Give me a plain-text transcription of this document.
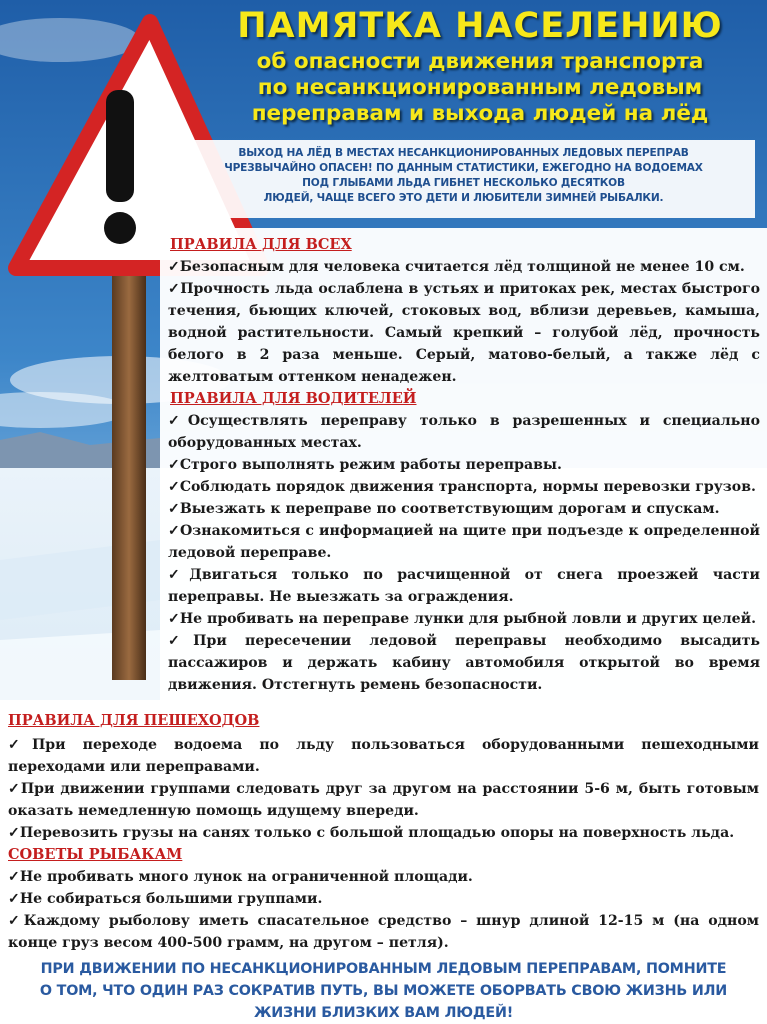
ПАМЯТКА НАСЕЛЕНИЮ
об опасности движения транспорта
по несанкционированным ледовым
переправам и выхода людей на лёд
ВЫХОД НА ЛЁД В МЕСТАХ НЕСАНКЦИОНИРОВАННЫХ ЛЕДОВЫХ ПЕРЕПРАВ
ЧРЕЗВЫЧАЙНО ОПАСЕН! ПО ДАННЫМ СТАТИСТИКИ, ЕЖЕГОДНО НА ВОДОЕМАХ
ПОД ГЛЫБАМИ ЛЬДА ГИБНЕТ НЕСКОЛЬКО ДЕСЯТКОВ
ЛЮДЕЙ, ЧАЩЕ ВСЕГО ЭТО ДЕТИ И ЛЮБИТЕЛИ ЗИМНЕЙ РЫБАЛКИ.
ПРАВИЛА ДЛЯ ВСЕХ
✓Безопасным для человека считается лёд толщиной не менее 10 см.
✓Прочность льда ослаблена в устьях и притоках рек, местах быстрого течения, бьющих ключей, стоковых вод, вблизи деревьев, камыша, водной растительности. Самый крепкий – голубой лёд, прочность белого в 2 раза меньше. Серый, матово-белый, а также лёд с желтоватым оттенком ненадежен.
ПРАВИЛА ДЛЯ ВОДИТЕЛЕЙ
✓Осуществлять переправу только в разрешенных и специально оборудованных местах.
✓Строго выполнять режим работы переправы.
✓Соблюдать порядок движения транспорта, нормы перевозки грузов.
✓Выезжать к переправе по соответствующим дорогам и спускам.
✓Ознакомиться с информацией на щите при подъезде к определенной ледовой переправе.
✓Двигаться только по расчищенной от снега проезжей части переправы. Не выезжать за ограждения.
✓Не пробивать на переправе лунки для рыбной ловли и других целей.
✓При пересечении ледовой переправы необходимо высадить пассажиров и держать кабину автомобиля открытой во время движения. Отстегнуть ремень безопасности.
ПРАВИЛА ДЛЯ ПЕШЕХОДОВ
✓При переходе водоема по льду пользоваться оборудованными пешеходными переходами или переправами.
✓При движении группами следовать друг за другом на расстоянии 5-6 м, быть готовым оказать немедленную помощь идущему впереди.
✓Перевозить грузы на санях только с большой площадью опоры на поверхность льда.
СОВЕТЫ РЫБАКАМ
✓Не пробивать много лунок на ограниченной площади.
✓Не собираться большими группами.
✓Каждому рыболову иметь спасательное средство – шнур длиной 12-15 м (на одном конце груз весом 400-500 грамм, на другом – петля).
ПРИ ДВИЖЕНИИ ПО НЕСАНКЦИОНИРОВАННЫМ ЛЕДОВЫМ ПЕРЕПРАВАМ, ПОМНИТЕ
О ТОМ, ЧТО ОДИН РАЗ СОКРАТИВ ПУТЬ, ВЫ МОЖЕТЕ ОБОРВАТЬ СВОЮ ЖИЗНЬ ИЛИ
ЖИЗНИ БЛИЗКИХ ВАМ ЛЮДЕЙ!
